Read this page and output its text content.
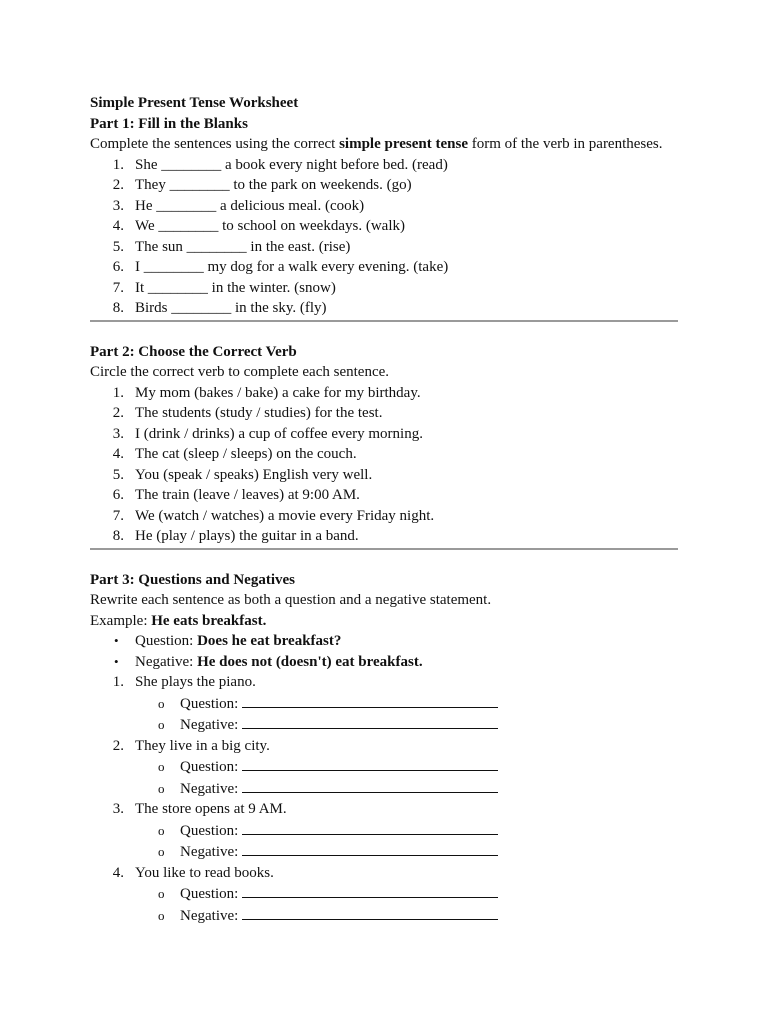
Simple Present Tense Worksheet
Part 1: Fill in the Blanks
Complete the sentences using the correct simple present tense form of the verb in parentheses.
1. She ________ a book every night before bed. (read)
2. They ________ to the park on weekends. (go)
3. He ________ a delicious meal. (cook)
4. We ________ to school on weekdays. (walk)
5. The sun ________ in the east. (rise)
6. I ________ my dog for a walk every evening. (take)
7. It ________ in the winter. (snow)
8. Birds ________ in the sky. (fly)
Part 2: Choose the Correct Verb
Circle the correct verb to complete each sentence.
1. My mom (bakes / bake) a cake for my birthday.
2. The students (study / studies) for the test.
3. I (drink / drinks) a cup of coffee every morning.
4. The cat (sleep / sleeps) on the couch.
5. You (speak / speaks) English very well.
6. The train (leave / leaves) at 9:00 AM.
7. We (watch / watches) a movie every Friday night.
8. He (play / plays) the guitar in a band.
Part 3: Questions and Negatives
Rewrite each sentence as both a question and a negative statement.
Example: He eats breakfast.
• Question: Does he eat breakfast?
• Negative: He does not (doesn't) eat breakfast.
1. She plays the piano.
o Question:
o Negative:
2. They live in a big city.
o Question:
o Negative:
3. The store opens at 9 AM.
o Question:
o Negative:
4. You like to read books.
o Question:
o Negative:
